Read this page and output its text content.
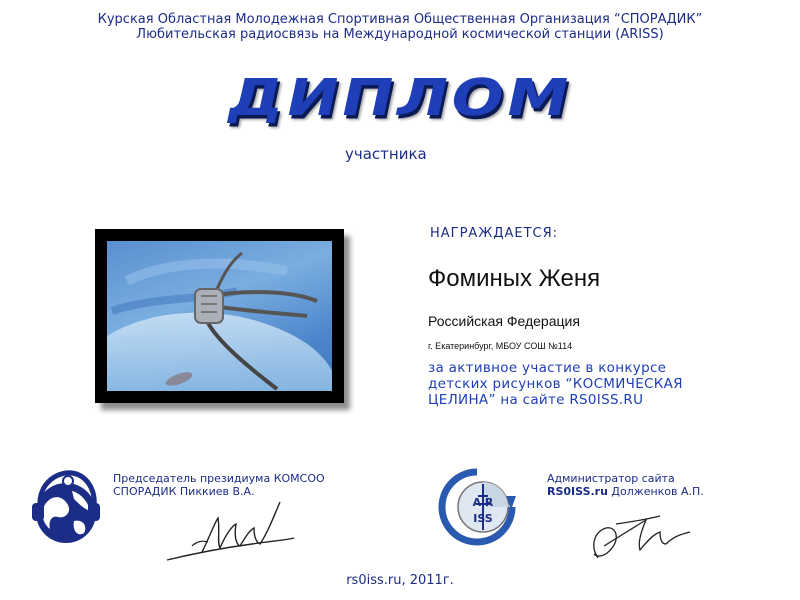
Курская Областная Молодежная Спортивная Общественная Организация “СПОРАДИК”
Любительская радиосвязь на Международной космической станции (ARISS)
ДИПЛОМ
участника
НАГРАЖДАЕТСЯ:
Фоминых Женя
Российская Федерация
г. Екатеринбург, МБОУ СОШ №114
за активное участие в конкурсе
детских рисунков “КОСМИЧЕСКАЯ
ЦЕЛИНА” на сайте RS0ISS.RU
Председатель президиума КОМСОО
СПОРАДИК Пиккиев В.А.
A R
ISS
Администратор сайта
RS0ISS.ru Долженков А.П.
rs0iss.ru, 2011г.
